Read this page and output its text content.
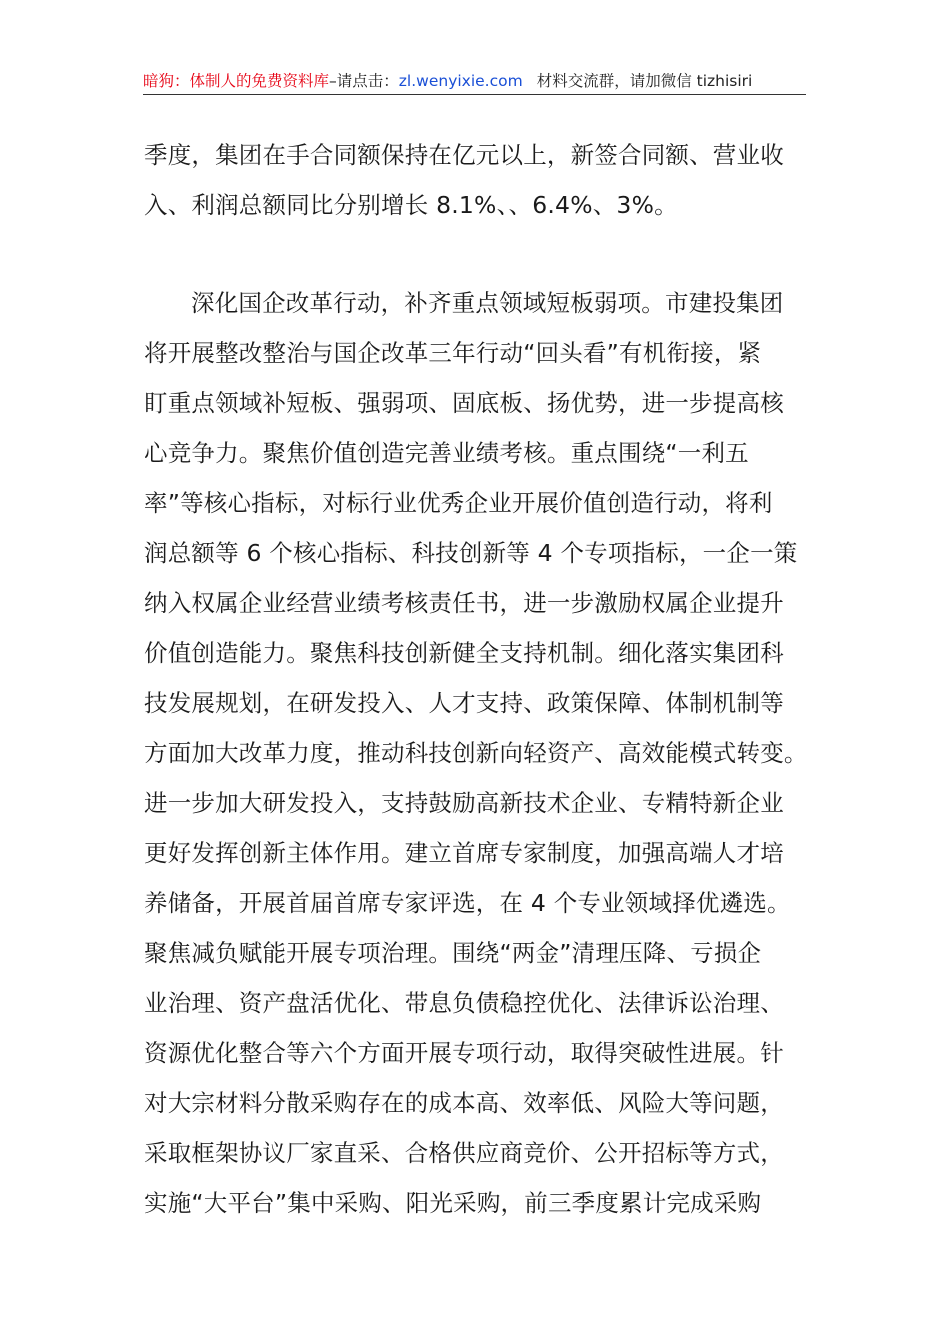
暗狗：体制人的免费资料库–请点击：zl.wenyixie.com 材料交流群，请加微信 tizhisiri
季度，集团在手合同额保持在亿元以上，新签合同额、营业收
入、利润总额同比分别增长 8.1%、、6.4%、3%。
深化国企改革行动，补齐重点领域短板弱项。市建投集团
将开展整改整治与国企改革三年行动“回头看”有机衔接，紧
盯重点领域补短板、强弱项、固底板、扬优势，进一步提高核
心竞争力。聚焦价值创造完善业绩考核。重点围绕“一利五
率”等核心指标，对标行业优秀企业开展价值创造行动，将利
润总额等 6 个核心指标、科技创新等 4 个专项指标，一企一策
纳入权属企业经营业绩考核责任书，进一步激励权属企业提升
价值创造能力。聚焦科技创新健全支持机制。细化落实集团科
技发展规划，在研发投入、人才支持、政策保障、体制机制等
方面加大改革力度，推动科技创新向轻资产、高效能模式转变。
进一步加大研发投入，支持鼓励高新技术企业、专精特新企业
更好发挥创新主体作用。建立首席专家制度，加强高端人才培
养储备，开展首届首席专家评选，在 4 个专业领域择优遴选。
聚焦减负赋能开展专项治理。围绕“两金”清理压降、亏损企
业治理、资产盘活优化、带息负债稳控优化、法律诉讼治理、
资源优化整合等六个方面开展专项行动，取得突破性进展。针
对大宗材料分散采购存在的成本高、效率低、风险大等问题，
采取框架协议厂家直采、合格供应商竞价、公开招标等方式，
实施“大平台”集中采购、阳光采购，前三季度累计完成采购
